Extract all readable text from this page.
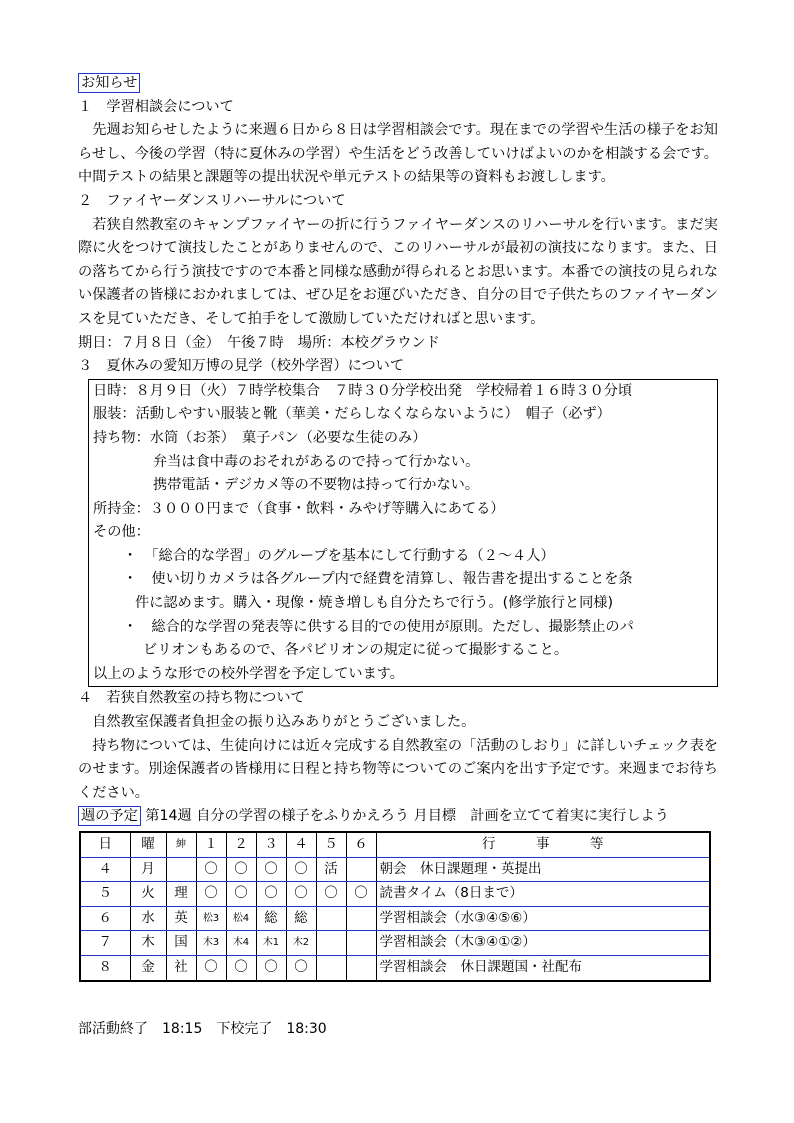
お知らせ
１　学習相談会について

先週お知らせしたように来週６日から８日は学習相談会です。現在までの学習や生活の様子をお知らせし、今後の学習（特に夏休みの学習）や生活をどう改善していけばよいのかを相談する会です。中間テストの結果と課題等の提出状況や単元テストの結果等の資料もお渡しします。

２　ファイヤーダンスリハーサルについて

若狭自然教室のキャンプファイヤーの折に行うファイヤーダンスのリハーサルを行います。まだ実際に火をつけて演技したことがありませんので、このリハーサルが最初の演技になります。また、日の落ちてから行う演技ですので本番と同様な感動が得られるとお思います。本番での演技の見られない保護者の皆様におかれましては、ぜひ足をお運びいただき、自分の目で子供たちのファイヤーダンスを見ていただき、そして拍手をして激励していただければと思います。

期日：７月８日（金）　午後７時　場所：本校グラウンド
３　夏休みの愛知万博の見学（校外学習）について
日時：８月９日（火）７時学校集合　７時３０分学校出発　学校帰着１６時３０分頃
服装：活動しやすい服装と靴（華美・だらしなくならないように）　帽子（必ず）
持ち物：水筒（お茶）　菓子パン（必要な生徒のみ）
弁当は食中毒のおそれがあるので持って行かない。
携帯電話・デジカメ等の不要物は持って行かない。
所持金：３０００円まで（食事・飲料・みやげ等購入にあてる）
その他：
・　「総合的な学習」のグループを基本にして行動する（２～４人）
・　使い切りカメラは各グループ内で経費を清算し、報告書を提出することを条
件に認めます。購入・現像・焼き増しも自分たちで行う。(修学旅行と同様)
・　総合的な学習の発表等に供する目的での使用が原則。ただし、撮影禁止のパ
ビリオンもあるので、各パビリオンの規定に従って撮影すること。
以上のような形での校外学習を予定しています。
４　若狭自然教室の持ち物について

自然教室保護者負担金の振り込みありがとうございました。

持ち物については、生徒向けには近々完成する自然教室の「活動のしおり」に詳しいチェック表をのせます。別途保護者の皆様用に日程と持ち物等についてのご案内を出す予定です。来週までお待ちください。

週の予定 第14週 自分の学習の様子をふりかえろう 月目標　計画を立てて着実に実行しよう
日	曜	紳	１	２	３	４	５	６	行　　　事　　　等
４	月		〇	〇	〇	〇	活		朝会　休日課題理・英提出
５	火	理	〇	〇	〇	〇	〇	〇	読書タイム（8日まで）
６	水	英	松3	松4	総	総			学習相談会（水③④⑤⑥）
７	木	国	木3	木4	木1	木2			学習相談会（木③④①②）
８	金	社	〇	〇	〇	〇			学習相談会　休日課題国・社配布
部活動終了　18:15　下校完了　18:30
